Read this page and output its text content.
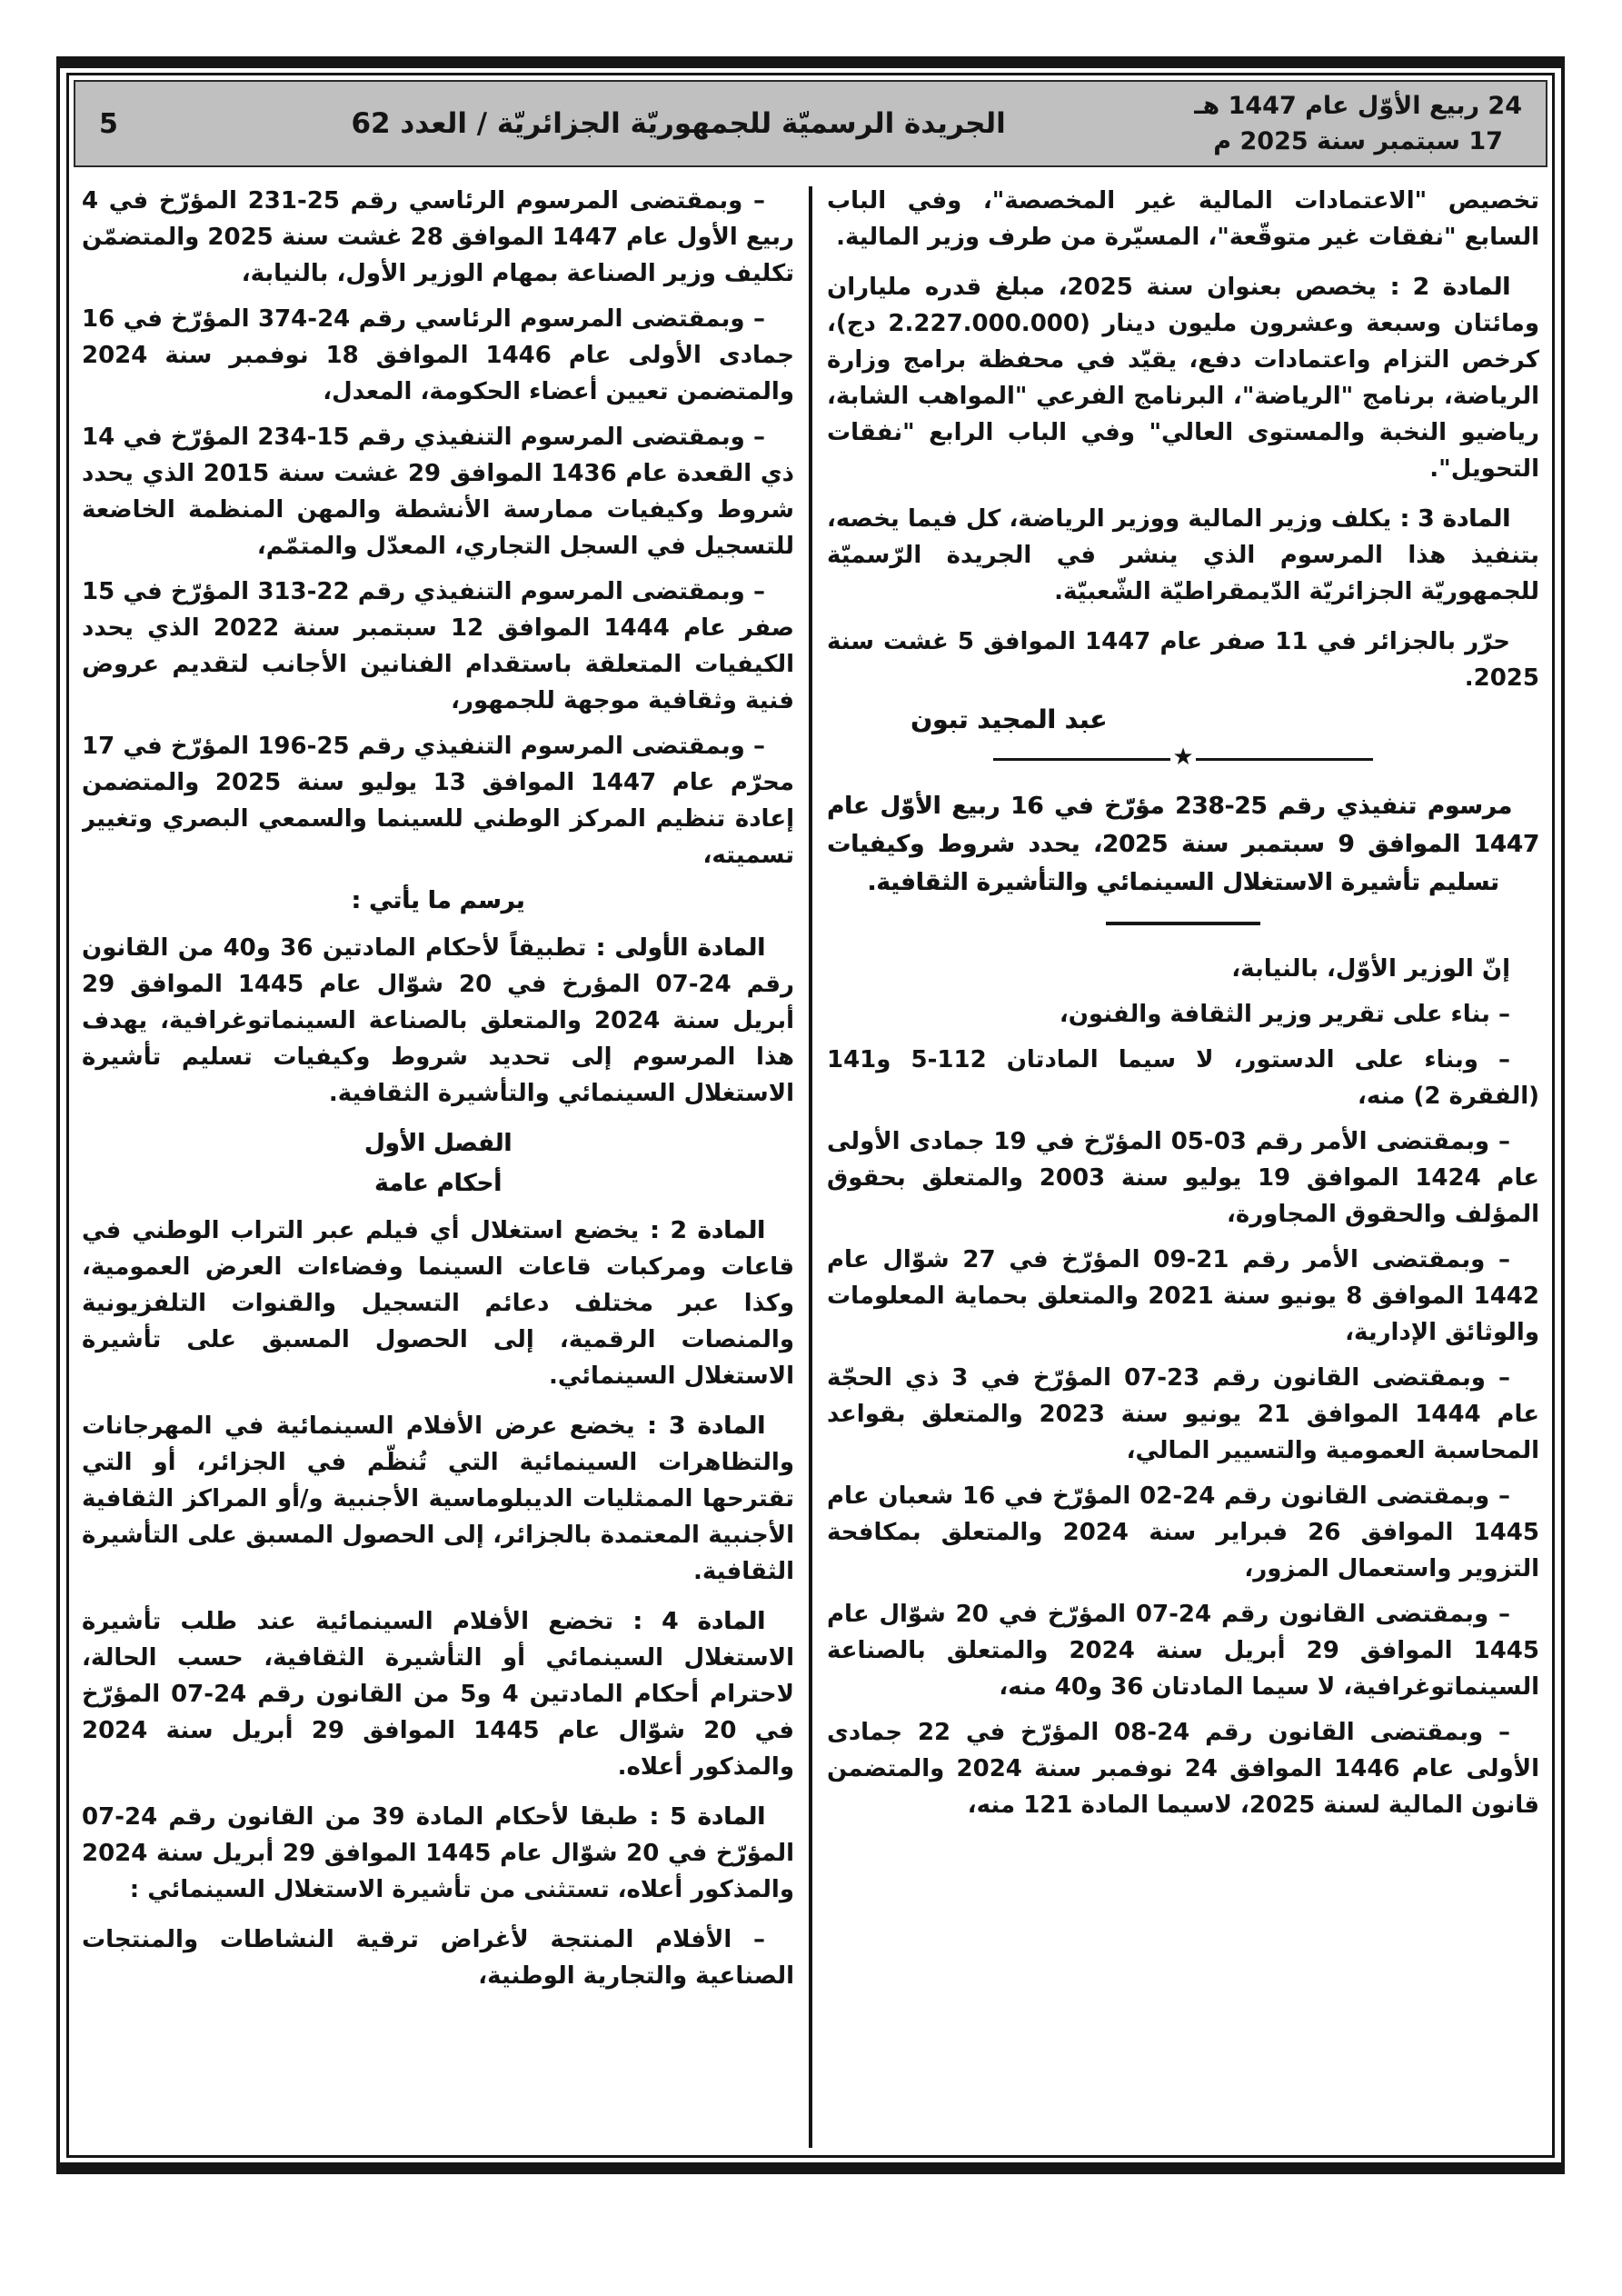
24 ربيع الأوّل عام 1447 هـ
17 سبتمبر سنة 2025 م
الجريدة الرسميّة للجمهوريّة الجزائريّة / العدد 62
5

تخصيص "الاعتمادات المالية غير المخصصة"، وفي الباب السابع "نفقات غير متوقّعة"، المسيّرة من طرف وزير المالية.

المادة 2 : يخصص بعنوان سنة 2025، مبلغ قدره ملياران ومائتان وسبعة وعشرون مليون دينار (2.227.000.000 دج)، كرخص التزام واعتمادات دفع، يقيّد في محفظة برامج وزارة الرياضة، برنامج "الرياضة"، البرنامج الفرعي "المواهب الشابة، رياضيو النخبة والمستوى العالي" وفي الباب الرابع "نفقات التحويل".

المادة 3 : يكلف وزير المالية ووزير الرياضة، كل فيما يخصه، بتنفيذ هذا المرسوم الذي ينشر في الجريدة الرّسميّة للجمهوريّة الجزائريّة الدّيمقراطيّة الشّعبيّة.

حرّر بالجزائر في 11 صفر عام 1447 الموافق 5 غشت سنة
2025.

عبد المجيد تبون

★

مرسوم تنفيذي رقم 25-238 مؤرّخ في 16 ربيع الأوّل عام 1447 الموافق 9 سبتمبر سنة 2025، يحدد شروط وكيفيات تسليم تأشيرة الاستغلال السينمائي والتأشيرة الثقافية.

إنّ الوزير الأوّل، بالنيابة،

– بناء على تقرير وزير الثقافة والفنون،

– وبناء على الدستور، لا سيما المادتان 112-5 و141 (الفقرة 2) منه،

– وبمقتضى الأمر رقم 03-05 المؤرّخ في 19 جمادى الأولى عام 1424 الموافق 19 يوليو سنة 2003 والمتعلق بحقوق المؤلف والحقوق المجاورة،

– وبمقتضى الأمر رقم 21-09 المؤرّخ في 27 شوّال عام 1442 الموافق 8 يونيو سنة 2021 والمتعلق بحماية المعلومات والوثائق الإدارية،

– وبمقتضى القانون رقم 23-07 المؤرّخ في 3 ذي الحجّة عام 1444 الموافق 21 يونيو سنة 2023 والمتعلق بقواعد المحاسبة العمومية والتسيير المالي،

– وبمقتضى القانون رقم 24-02 المؤرّخ في 16 شعبان عام 1445 الموافق 26 فبراير سنة 2024 والمتعلق بمكافحة التزوير واستعمال المزور،

– وبمقتضى القانون رقم 24-07 المؤرّخ في 20 شوّال عام 1445 الموافق 29 أبريل سنة 2024 والمتعلق بالصناعة السينماتوغرافية، لا سيما المادتان 36 و40 منه،

– وبمقتضى القانون رقم 24-08 المؤرّخ في 22 جمادى الأولى عام 1446 الموافق 24 نوفمبر سنة 2024 والمتضمن قانون المالية لسنة 2025، لاسيما المادة 121 منه،

– وبمقتضى المرسوم الرئاسي رقم 25-231 المؤرّخ في 4 ربيع الأول عام 1447 الموافق 28 غشت سنة 2025 والمتضمّن تكليف وزير الصناعة بمهام الوزير الأول، بالنيابة،

– وبمقتضى المرسوم الرئاسي رقم 24-374 المؤرّخ في 16 جمادى الأولى عام 1446 الموافق 18 نوفمبر سنة 2024 والمتضمن تعيين أعضاء الحكومة، المعدل،

– وبمقتضى المرسوم التنفيذي رقم 15-234 المؤرّخ في 14 ذي القعدة عام 1436 الموافق 29 غشت سنة 2015 الذي يحدد شروط وكيفيات ممارسة الأنشطة والمهن المنظمة الخاضعة للتسجيل في السجل التجاري، المعدّل والمتمّم،

– وبمقتضى المرسوم التنفيذي رقم 22-313 المؤرّخ في 15 صفر عام 1444 الموافق 12 سبتمبر سنة 2022 الذي يحدد الكيفيات المتعلقة باستقدام الفنانين الأجانب لتقديم عروض فنية وثقافية موجهة للجمهور،

– وبمقتضى المرسوم التنفيذي رقم 25-196 المؤرّخ في 17 محرّم عام 1447 الموافق 13 يوليو سنة 2025 والمتضمن إعادة تنظيم المركز الوطني للسينما والسمعي البصري وتغيير تسميته،

يرسم ما يأتي :

المادة الأولى : تطبيقاً لأحكام المادتين 36 و40 من القانون رقم 24-07 المؤرخ في 20 شوّال عام 1445 الموافق 29 أبريل سنة 2024 والمتعلق بالصناعة السينماتوغرافية، يهدف هذا المرسوم إلى تحديد شروط وكيفيات تسليم تأشيرة الاستغلال السينمائي والتأشيرة الثقافية.

الفصل الأول

أحكام عامة

المادة 2 : يخضع استغلال أي فيلم عبر التراب الوطني في قاعات ومركبات قاعات السينما وفضاءات العرض العمومية، وكذا عبر مختلف دعائم التسجيل والقنوات التلفزيونية والمنصات الرقمية، إلى الحصول المسبق على تأشيرة الاستغلال السينمائي.

المادة 3 : يخضع عرض الأفلام السينمائية في المهرجانات والتظاهرات السينمائية التي تُنظّم في الجزائر، أو التي تقترحها الممثليات الديبلوماسية الأجنبية و/أو المراكز الثقافية الأجنبية المعتمدة بالجزائر، إلى الحصول المسبق على التأشيرة الثقافية.

المادة 4 : تخضع الأفلام السينمائية عند طلب تأشيرة الاستغلال السينمائي أو التأشيرة الثقافية، حسب الحالة، لاحترام أحكام المادتين 4 و5 من القانون رقم 24-07 المؤرّخ في 20 شوّال عام 1445 الموافق 29 أبريل سنة 2024 والمذكور أعلاه.

المادة 5 : طبقا لأحكام المادة 39 من القانون رقم 24-07 المؤرّخ في 20 شوّال عام 1445 الموافق 29 أبريل سنة 2024 والمذكور أعلاه، تستثنى من تأشيرة الاستغلال السينمائي :

– الأفلام المنتجة لأغراض ترقية النشاطات والمنتجات الصناعية والتجارية الوطنية،
